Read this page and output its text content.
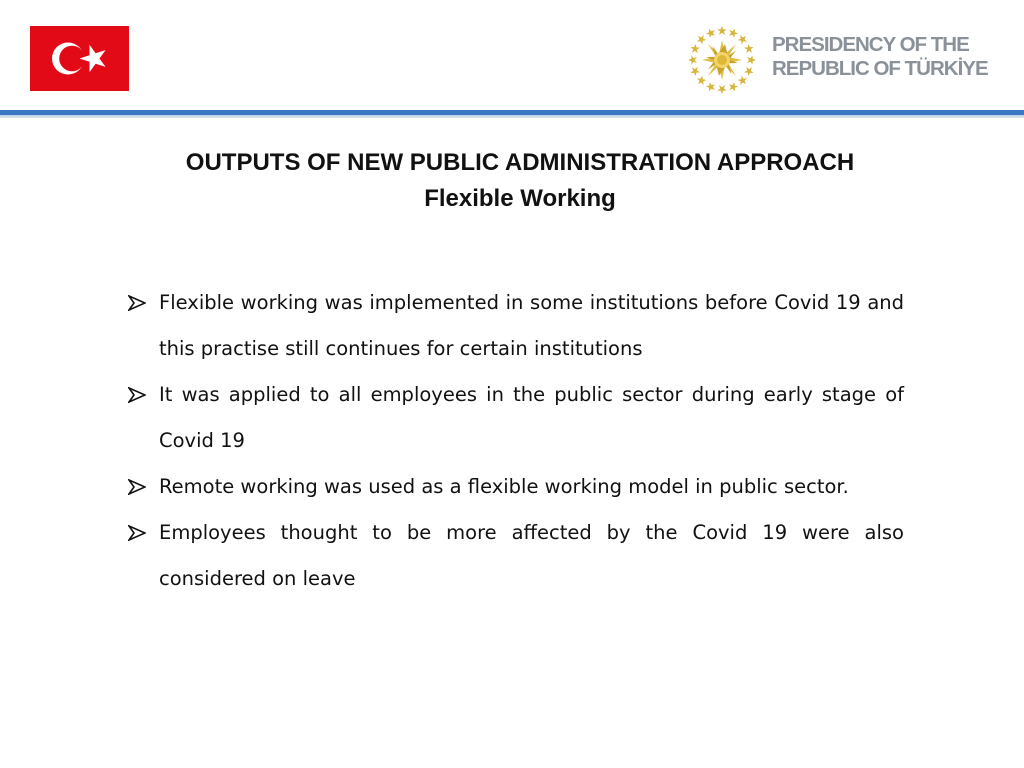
PRESIDENCY OF THE
REPUBLIC OF TÜRKİYE
OUTPUTS OF NEW PUBLIC ADMINISTRATION APPROACH
Flexible Working
Flexible working was implemented in some institutions before Covid 19 and this practise still continues for certain institutions
It was applied to all employees in the public sector during early stage of Covid 19
Remote working was used as a flexible working model in public sector.
Employees thought to be more affected by the Covid 19 were also considered on leave
